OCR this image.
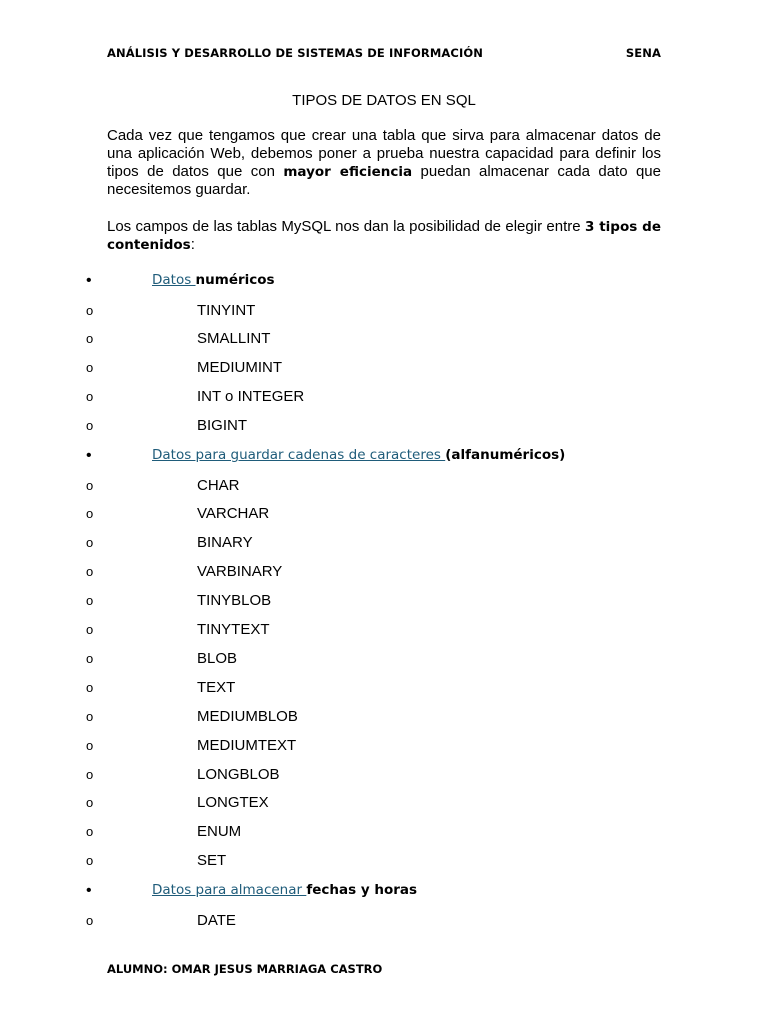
ANÁLISIS Y DESARROLLO DE SISTEMAS DE INFORMACIÓN	SENA
TIPOS DE DATOS EN SQL
Cada vez que tengamos que crear una tabla que sirva para almacenar datos de una aplicación Web, debemos poner a prueba nuestra capacidad para definir los tipos de datos que con mayor eficiencia puedan almacenar cada dato que necesitemos guardar.
Los campos de las tablas MySQL nos dan la posibilidad de elegir entre 3 tipos de contenidos:
•	Datos numéricos
o	TINYINT
o	SMALLINT
o	MEDIUMINT
o	INT o INTEGER
o	BIGINT
•	Datos para guardar cadenas de caracteres (alfanuméricos)
o	CHAR
o	VARCHAR
o	BINARY
o	VARBINARY
o	TINYBLOB
o	TINYTEXT
o	BLOB
o	TEXT
o	MEDIUMBLOB
o	MEDIUMTEXT
o	LONGBLOB
o	LONGTEX
o	ENUM
o	SET
•	Datos para almacenar fechas y horas
o	DATE
ALUMNO: OMAR JESUS MARRIAGA CASTRO
